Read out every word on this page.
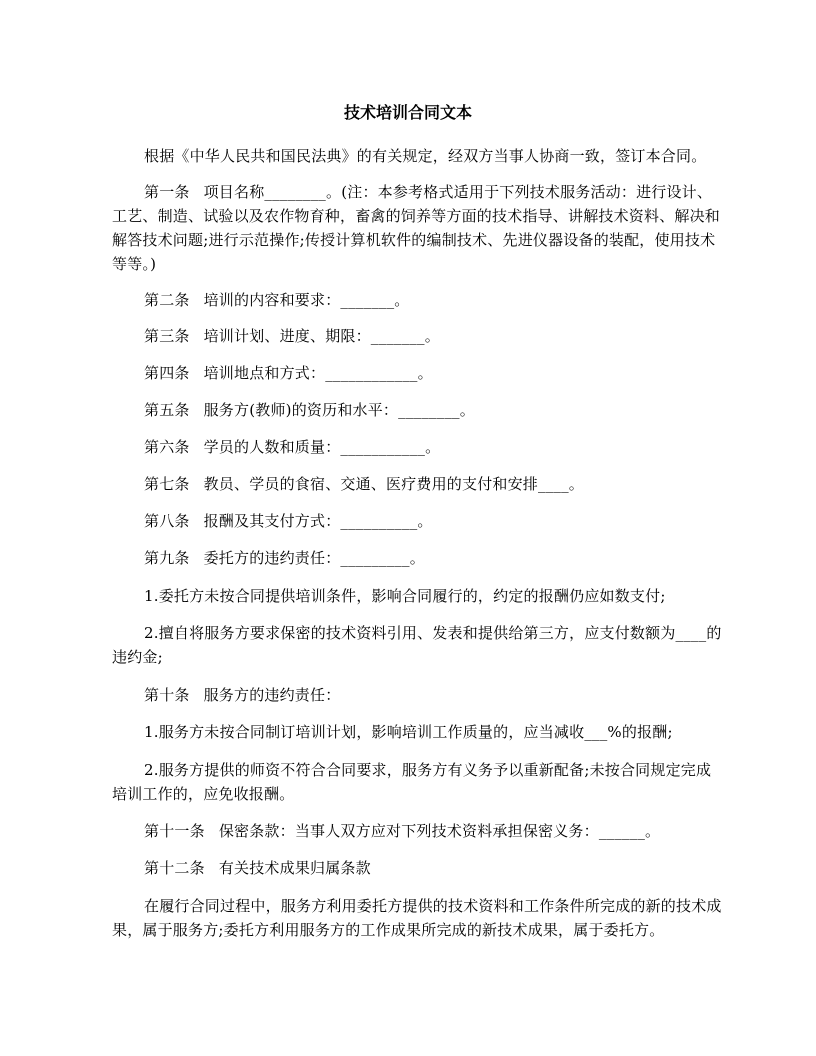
技术培训合同文本
根据《中华人民共和国民法典》的有关规定，经双方当事人协商一致，签订本合同。
第一条 项目名称________。(注：本参考格式适用于下列技术服务活动：进行设计、工艺、制造、试验以及农作物育种，畜禽的饲养等方面的技术指导、讲解技术资料、解决和解答技术问题;进行示范操作;传授计算机软件的编制技术、先进仪器设备的装配，使用技术等等。)
第二条 培训的内容和要求：_______。
第三条 培训计划、进度、期限：_______。
第四条 培训地点和方式：____________。
第五条 服务方(教师)的资历和水平：________。
第六条 学员的人数和质量：___________。
第七条 教员、学员的食宿、交通、医疗费用的支付和安排____。
第八条 报酬及其支付方式：__________。
第九条 委托方的违约责任：_________。
1.委托方未按合同提供培训条件，影响合同履行的，约定的报酬仍应如数支付;
2.擅自将服务方要求保密的技术资料引用、发表和提供给第三方，应支付数额为____的违约金;
第十条 服务方的违约责任：
1.服务方未按合同制订培训计划，影响培训工作质量的，应当减收___%的报酬;
2.服务方提供的师资不符合合同要求，服务方有义务予以重新配备;未按合同规定完成培训工作的，应免收报酬。
第十一条 保密条款：当事人双方应对下列技术资料承担保密义务：______。
第十二条 有关技术成果归属条款
在履行合同过程中，服务方利用委托方提供的技术资料和工作条件所完成的新的技术成果，属于服务方;委托方利用服务方的工作成果所完成的新技术成果，属于委托方。
